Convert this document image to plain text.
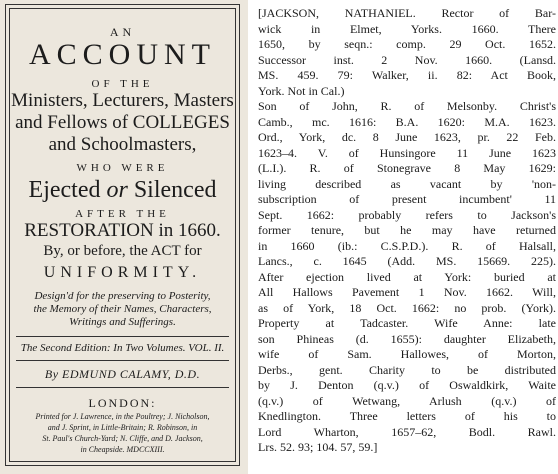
AN

ACCOUNT

OF THE

Ministers, Lecturers, Masters

and Fellows of COLLEGES

and Schoolmasters,

WHO WERE

Ejected or Silenced

AFTER THE

RESTORATION in 1660.

By, or before, the ACT for

UNIFORMITY.

Design'd for the preserving to Posterity,

the Memory of their Names, Characters,

Writings and Sufferings.

The Second Edition: In Two Volumes. VOL. II.

By EDMUND CALAMY, D.D.

LONDON:

Printed for J. Lawrence, in the Poultrey; J. Nicholson,

and J. Sprint, in Little-Britain; R. Robinson, in

St. Paul's Church-Yard; N. Cliffe, and D. Jackson,

in Cheapside. MDCCXIII.

[JACKSON, NATHANIEL. Rector of Bar-
wick in Elmet, Yorks. 1660. There
1650, by seqn.: comp. 29 Oct. 1652.
Successor inst. 2 Nov. 1660. (Lansd.
MS. 459. 79: Walker, ii. 82: Act Book,
York. Not in Cal.)
Son of John, R. of Melsonby. Christ's
Camb., mc. 1616: B.A. 1620: M.A. 1623.
Ord., York, dc. 8 June 1623, pr. 22 Feb.
1623–4. V. of Hunsingore 11 June 1623
(L.I.). R. of Stonegrave 8 May 1629:
living described as vacant by 'non-
subscription of present incumbent' 11
Sept. 1662: probably refers to Jackson's
former tenure, but he may have returned
in 1660 (ib.: C.S.P.D.). R. of Halsall,
Lancs., c. 1645 (Add. MS. 15669. 225).
After ejection lived at York: buried at
All Hallows Pavement 1 Nov. 1662. Will,
as of York, 18 Oct. 1662: no prob. (York).
Property at Tadcaster. Wife Anne: late
son Phineas (d. 1655): daughter Elizabeth,
wife of Sam. Hallowes, of Morton,
Derbs., gent. Charity to be distributed
by J. Denton (q.v.) of Oswaldkirk, Waite
(q.v.) of Wetwang, Arlush (q.v.) of
Knedlington. Three letters of his to
Lord Wharton, 1657–62, Bodl. Rawl.
Lrs. 52. 93; 104. 57, 59.]
